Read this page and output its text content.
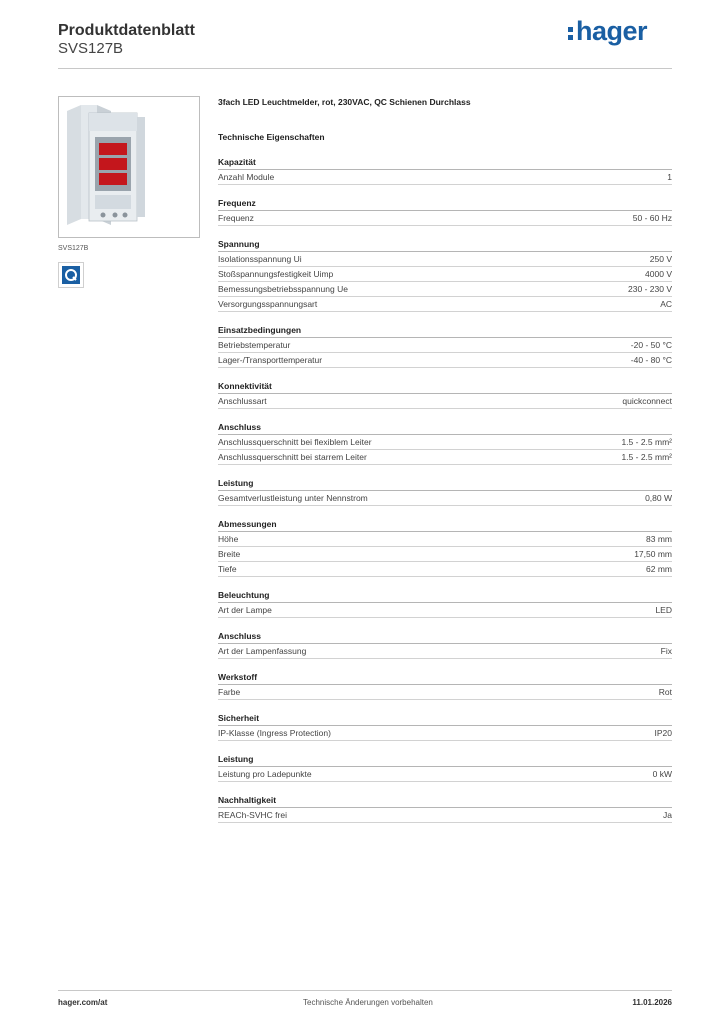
Produktdatenblatt
SVS127B
hager
SVS127B
3fach LED Leuchtmelder, rot, 230VAC, QC Schienen Durchlass
Technische Eigenschaften
Kapazität
Anzahl Module	1
Frequenz
Frequenz	50 - 60 Hz
Spannung
Isolationsspannung Ui	250 V
Stoßspannungsfestigkeit Uimp	4000 V
Bemessungsbetriebsspannung Ue	230 - 230 V
Versorgungsspannungsart	AC
Einsatzbedingungen
Betriebstemperatur	-20 - 50 °C
Lager-/Transporttemperatur	-40 - 80 °C
Konnektivität
Anschlussart	quickconnect
Anschluss
Anschlussquerschnitt bei flexiblem Leiter	1.5 - 2.5 mm²
Anschlussquerschnitt bei starrem Leiter	1.5 - 2.5 mm²
Leistung
Gesamtverlustleistung unter Nennstrom	0,80 W
Abmessungen
Höhe	83 mm
Breite	17,50 mm
Tiefe	62 mm
Beleuchtung
Art der Lampe	LED
Anschluss
Art der Lampenfassung	Fix
Werkstoff
Farbe	Rot
Sicherheit
IP-Klasse (Ingress Protection)	IP20
Leistung
Leistung pro Ladepunkte	0 kW
Nachhaltigkeit
REACh-SVHC frei	Ja
hager.com/at	Technische Änderungen vorbehalten	11.01.2026
